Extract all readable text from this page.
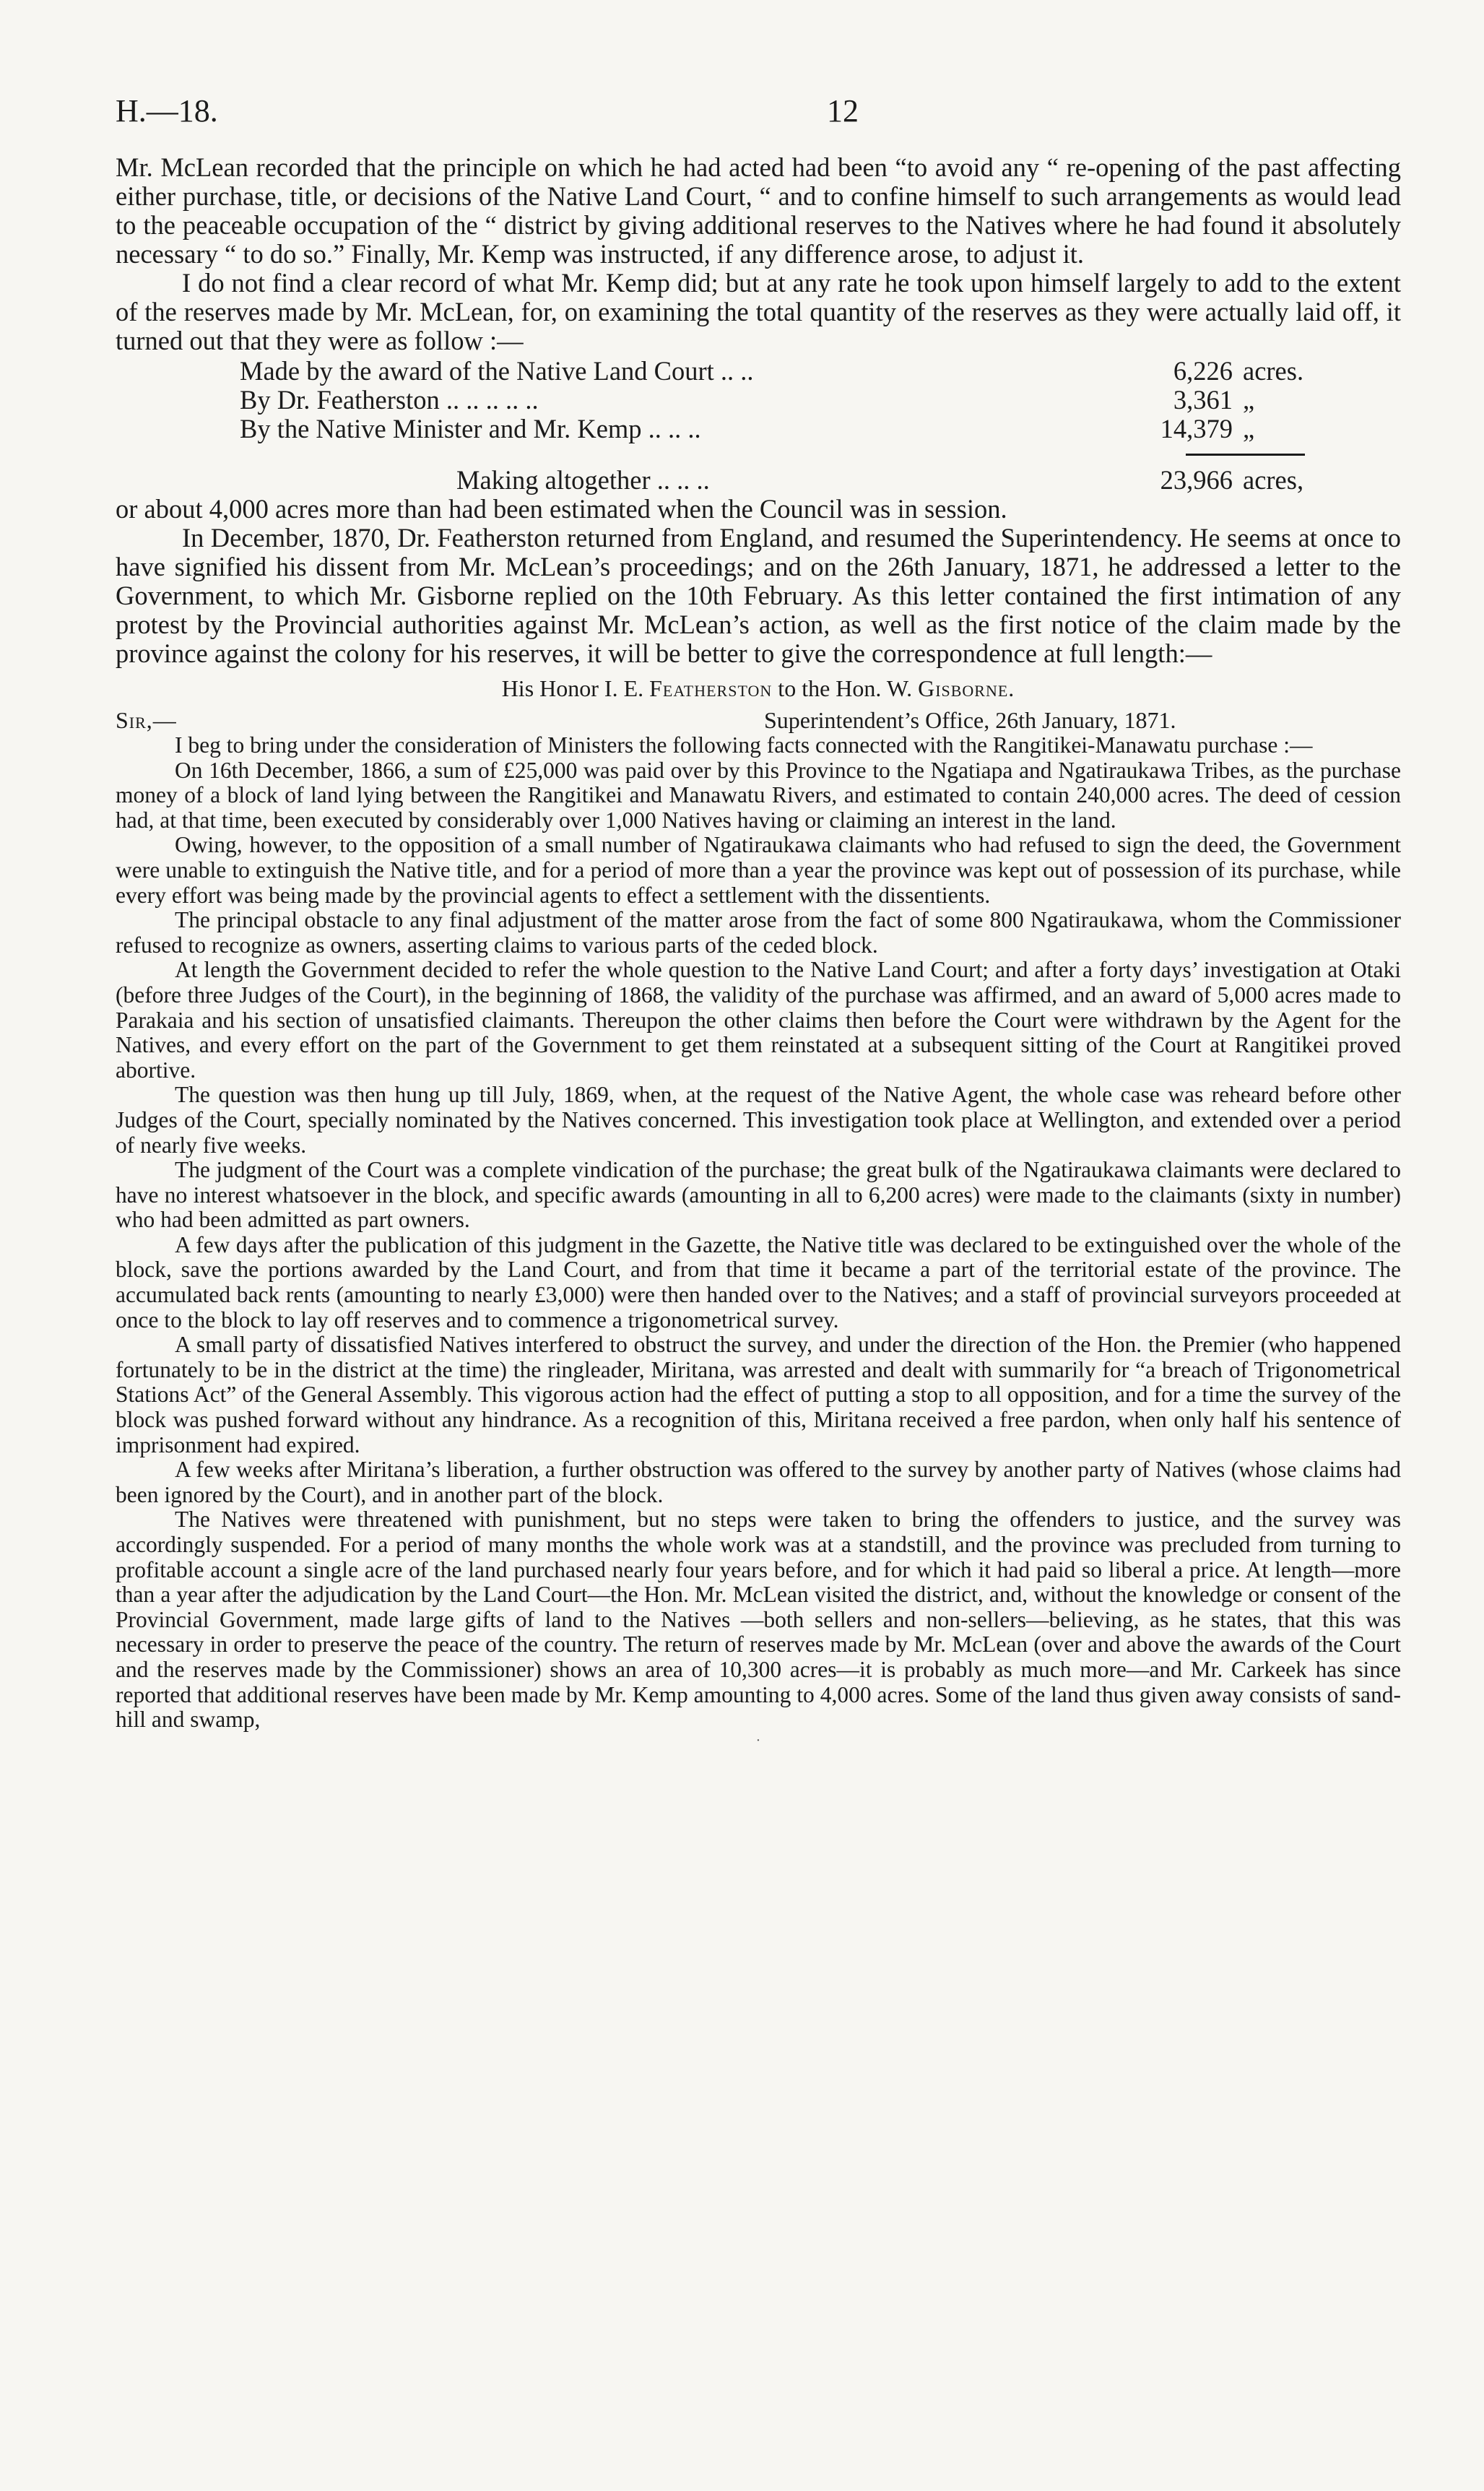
H.—18.	12

Mr. McLean recorded that the principle on which he had acted had been “to avoid any “ re-opening of the past affecting either purchase, title, or decisions of the Native Land Court, “ and to confine himself to such arrangements as would lead to the peaceable occupation of the “ district by giving additional reserves to the Natives where he had found it absolutely necessary “ to do so.” Finally, Mr. Kemp was instructed, if any difference arose, to adjust it.

I do not find a clear record of what Mr. Kemp did; but at any rate he took upon himself largely to add to the extent of the reserves made by Mr. McLean, for, on examining the total quantity of the reserves as they were actually laid off, it turned out that they were as follow :—

Made by the award of the Native Land Court .. ..	6,226 acres.
By Dr. Featherston .. .. .. .. ..	3,361 „
By the Native Minister and Mr. Kemp .. .. ..	14,379 „
Making altogether .. .. ..	23,966 acres,

or about 4,000 acres more than had been estimated when the Council was in session.

In December, 1870, Dr. Featherston returned from England, and resumed the Superintendency. He seems at once to have signified his dissent from Mr. McLean’s proceedings; and on the 26th January, 1871, he addressed a letter to the Government, to which Mr. Gisborne replied on the 10th February. As this letter contained the first intimation of any protest by the Provincial authorities against Mr. McLean’s action, as well as the first notice of the claim made by the province against the colony for his reserves, it will be better to give the correspondence at full length:—

His Honor I. E. Featherston to the Hon. W. Gisborne.
Sir,—	Superintendent’s Office, 26th January, 1871.

I beg to bring under the consideration of Ministers the following facts connected with the Rangitikei-Manawatu purchase :—

On 16th December, 1866, a sum of £25,000 was paid over by this Province to the Ngatiapa and Ngatiraukawa Tribes, as the purchase money of a block of land lying between the Rangitikei and Manawatu Rivers, and estimated to contain 240,000 acres. The deed of cession had, at that time, been executed by considerably over 1,000 Natives having or claiming an interest in the land.

Owing, however, to the opposition of a small number of Ngatiraukawa claimants who had refused to sign the deed, the Government were unable to extinguish the Native title, and for a period of more than a year the province was kept out of possession of its purchase, while every effort was being made by the provincial agents to effect a settlement with the dissentients.

The principal obstacle to any final adjustment of the matter arose from the fact of some 800 Ngatiraukawa, whom the Commissioner refused to recognize as owners, asserting claims to various parts of the ceded block.

At length the Government decided to refer the whole question to the Native Land Court; and after a forty days’ investigation at Otaki (before three Judges of the Court), in the beginning of 1868, the validity of the purchase was affirmed, and an award of 5,000 acres made to Parakaia and his section of unsatisfied claimants. Thereupon the other claims then before the Court were withdrawn by the Agent for the Natives, and every effort on the part of the Government to get them reinstated at a subsequent sitting of the Court at Rangitikei proved abortive.

The question was then hung up till July, 1869, when, at the request of the Native Agent, the whole case was reheard before other Judges of the Court, specially nominated by the Natives concerned. This investigation took place at Wellington, and extended over a period of nearly five weeks.

The judgment of the Court was a complete vindication of the purchase; the great bulk of the Ngatiraukawa claimants were declared to have no interest whatsoever in the block, and specific awards (amounting in all to 6,200 acres) were made to the claimants (sixty in number) who had been admitted as part owners.

A few days after the publication of this judgment in the Gazette, the Native title was declared to be extinguished over the whole of the block, save the portions awarded by the Land Court, and from that time it became a part of the territorial estate of the province. The accumulated back rents (amounting to nearly £3,000) were then handed over to the Natives; and a staff of provincial surveyors proceeded at once to the block to lay off reserves and to commence a trigonometrical survey.

A small party of dissatisfied Natives interfered to obstruct the survey, and under the direction of the Hon. the Premier (who happened fortunately to be in the district at the time) the ringleader, Miritana, was arrested and dealt with summarily for “a breach of Trigonometrical Stations Act” of the General Assembly. This vigorous action had the effect of putting a stop to all opposition, and for a time the survey of the block was pushed forward without any hindrance. As a recognition of this, Miritana received a free pardon, when only half his sentence of imprisonment had expired.

A few weeks after Miritana’s liberation, a further obstruction was offered to the survey by another party of Natives (whose claims had been ignored by the Court), and in another part of the block.

The Natives were threatened with punishment, but no steps were taken to bring the offenders to justice, and the survey was accordingly suspended. For a period of many months the whole work was at a standstill, and the province was precluded from turning to profitable account a single acre of the land purchased nearly four years before, and for which it had paid so liberal a price. At length—more than a year after the adjudication by the Land Court—the Hon. Mr. McLean visited the district, and, without the knowledge or consent of the Provincial Government, made large gifts of land to the Natives —both sellers and non-sellers—believing, as he states, that this was necessary in order to preserve the peace of the country. The return of reserves made by Mr. McLean (over and above the awards of the Court and the reserves made by the Commissioner) shows an area of 10,300 acres—it is probably as much more—and Mr. Carkeek has since reported that additional reserves have been made by Mr. Kemp amounting to 4,000 acres. Some of the land thus given away consists of sand-hill and swamp,

·
